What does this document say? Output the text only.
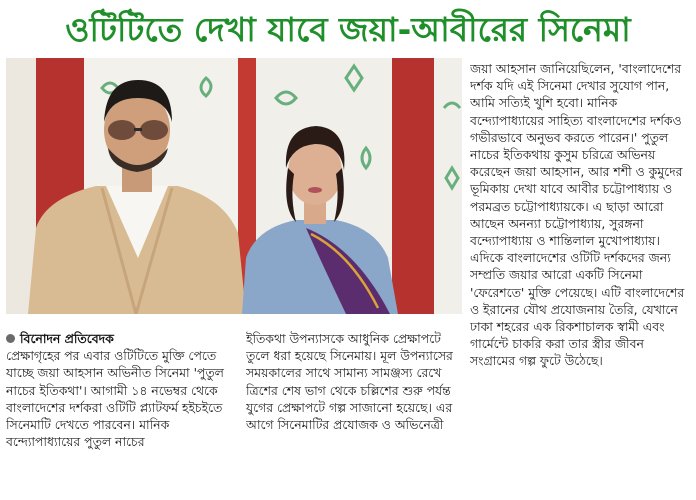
ওটিটিতে দেখা যাবে জয়া-আবীরের সিনেমা
বিনোদন প্রতিবেদক

প্রেক্ষাগৃহের পর এবার ওটিটিতে মুক্তি পেতে যাচ্ছে জয়া আহসান অভিনীত সিনেমা 'পুতুল নাচের ইতিকথা'। আগামী ১৪ নভেম্বর থেকে বাংলাদেশের দর্শকরা ওটিটি প্ল্যাটফর্ম হইচইতে সিনেমাটি দেখতে পারবেন। মানিক বন্দ্যোপাধ্যায়ের পুতুল নাচের

ইতিকথা উপন্যাসকে আধুনিক প্রেক্ষাপটে তুলে ধরা হয়েছে সিনেমায়। মূল উপন্যাসের সময়কালের সাথে সামান্য সামঞ্জস্য রেখে ত্রিশের শেষ ভাগ থেকে চল্লিশের শুরু পর্যন্ত যুগের প্রেক্ষাপটে গল্প সাজানো হয়েছে। এর আগে সিনেমাটির প্রযোজক ও অভিনেত্রী

জয়া আহসান জানিয়েছিলেন, 'বাংলাদেশের দর্শক যদি এই সিনেমা দেখার সুযোগ পান, আমি সত্যিই খুশি হবো। মানিক বন্দ্যোপাধ্যায়ের সাহিত্য বাংলাদেশের দর্শকও গভীরভাবে অনুভব করতে পারেন।' পুতুল নাচের ইতিকথায় কুসুম চরিত্রে অভিনয় করেছেন জয়া আহসান, আর শশী ও কুমুদের ভূমিকায় দেখা যাবে আবীর চট্টোপাধ্যায় ও পরমব্রত চট্টোপাধ্যায়কে। এ ছাড়া আরো আছেন অনন্যা চট্টোপাধ্যায়, সুরঙ্গনা বন্দ্যোপাধ্যায় ও শান্তিলাল মুখোপাধ্যায়। এদিকে বাংলাদেশের ওটিটি দর্শকদের জন্য সম্প্রতি জয়ার আরো একটি সিনেমা 'ফেরেশতে' মুক্তি পেয়েছে। এটি বাংলাদেশের ও ইরানের যৌথ প্রযোজনায় তৈরি, যেখানে ঢাকা শহরের এক রিকশাচালক স্বামী এবং গার্মেন্টে চাকরি করা তার স্ত্রীর জীবন সংগ্রামের গল্প ফুটে উঠেছে।
